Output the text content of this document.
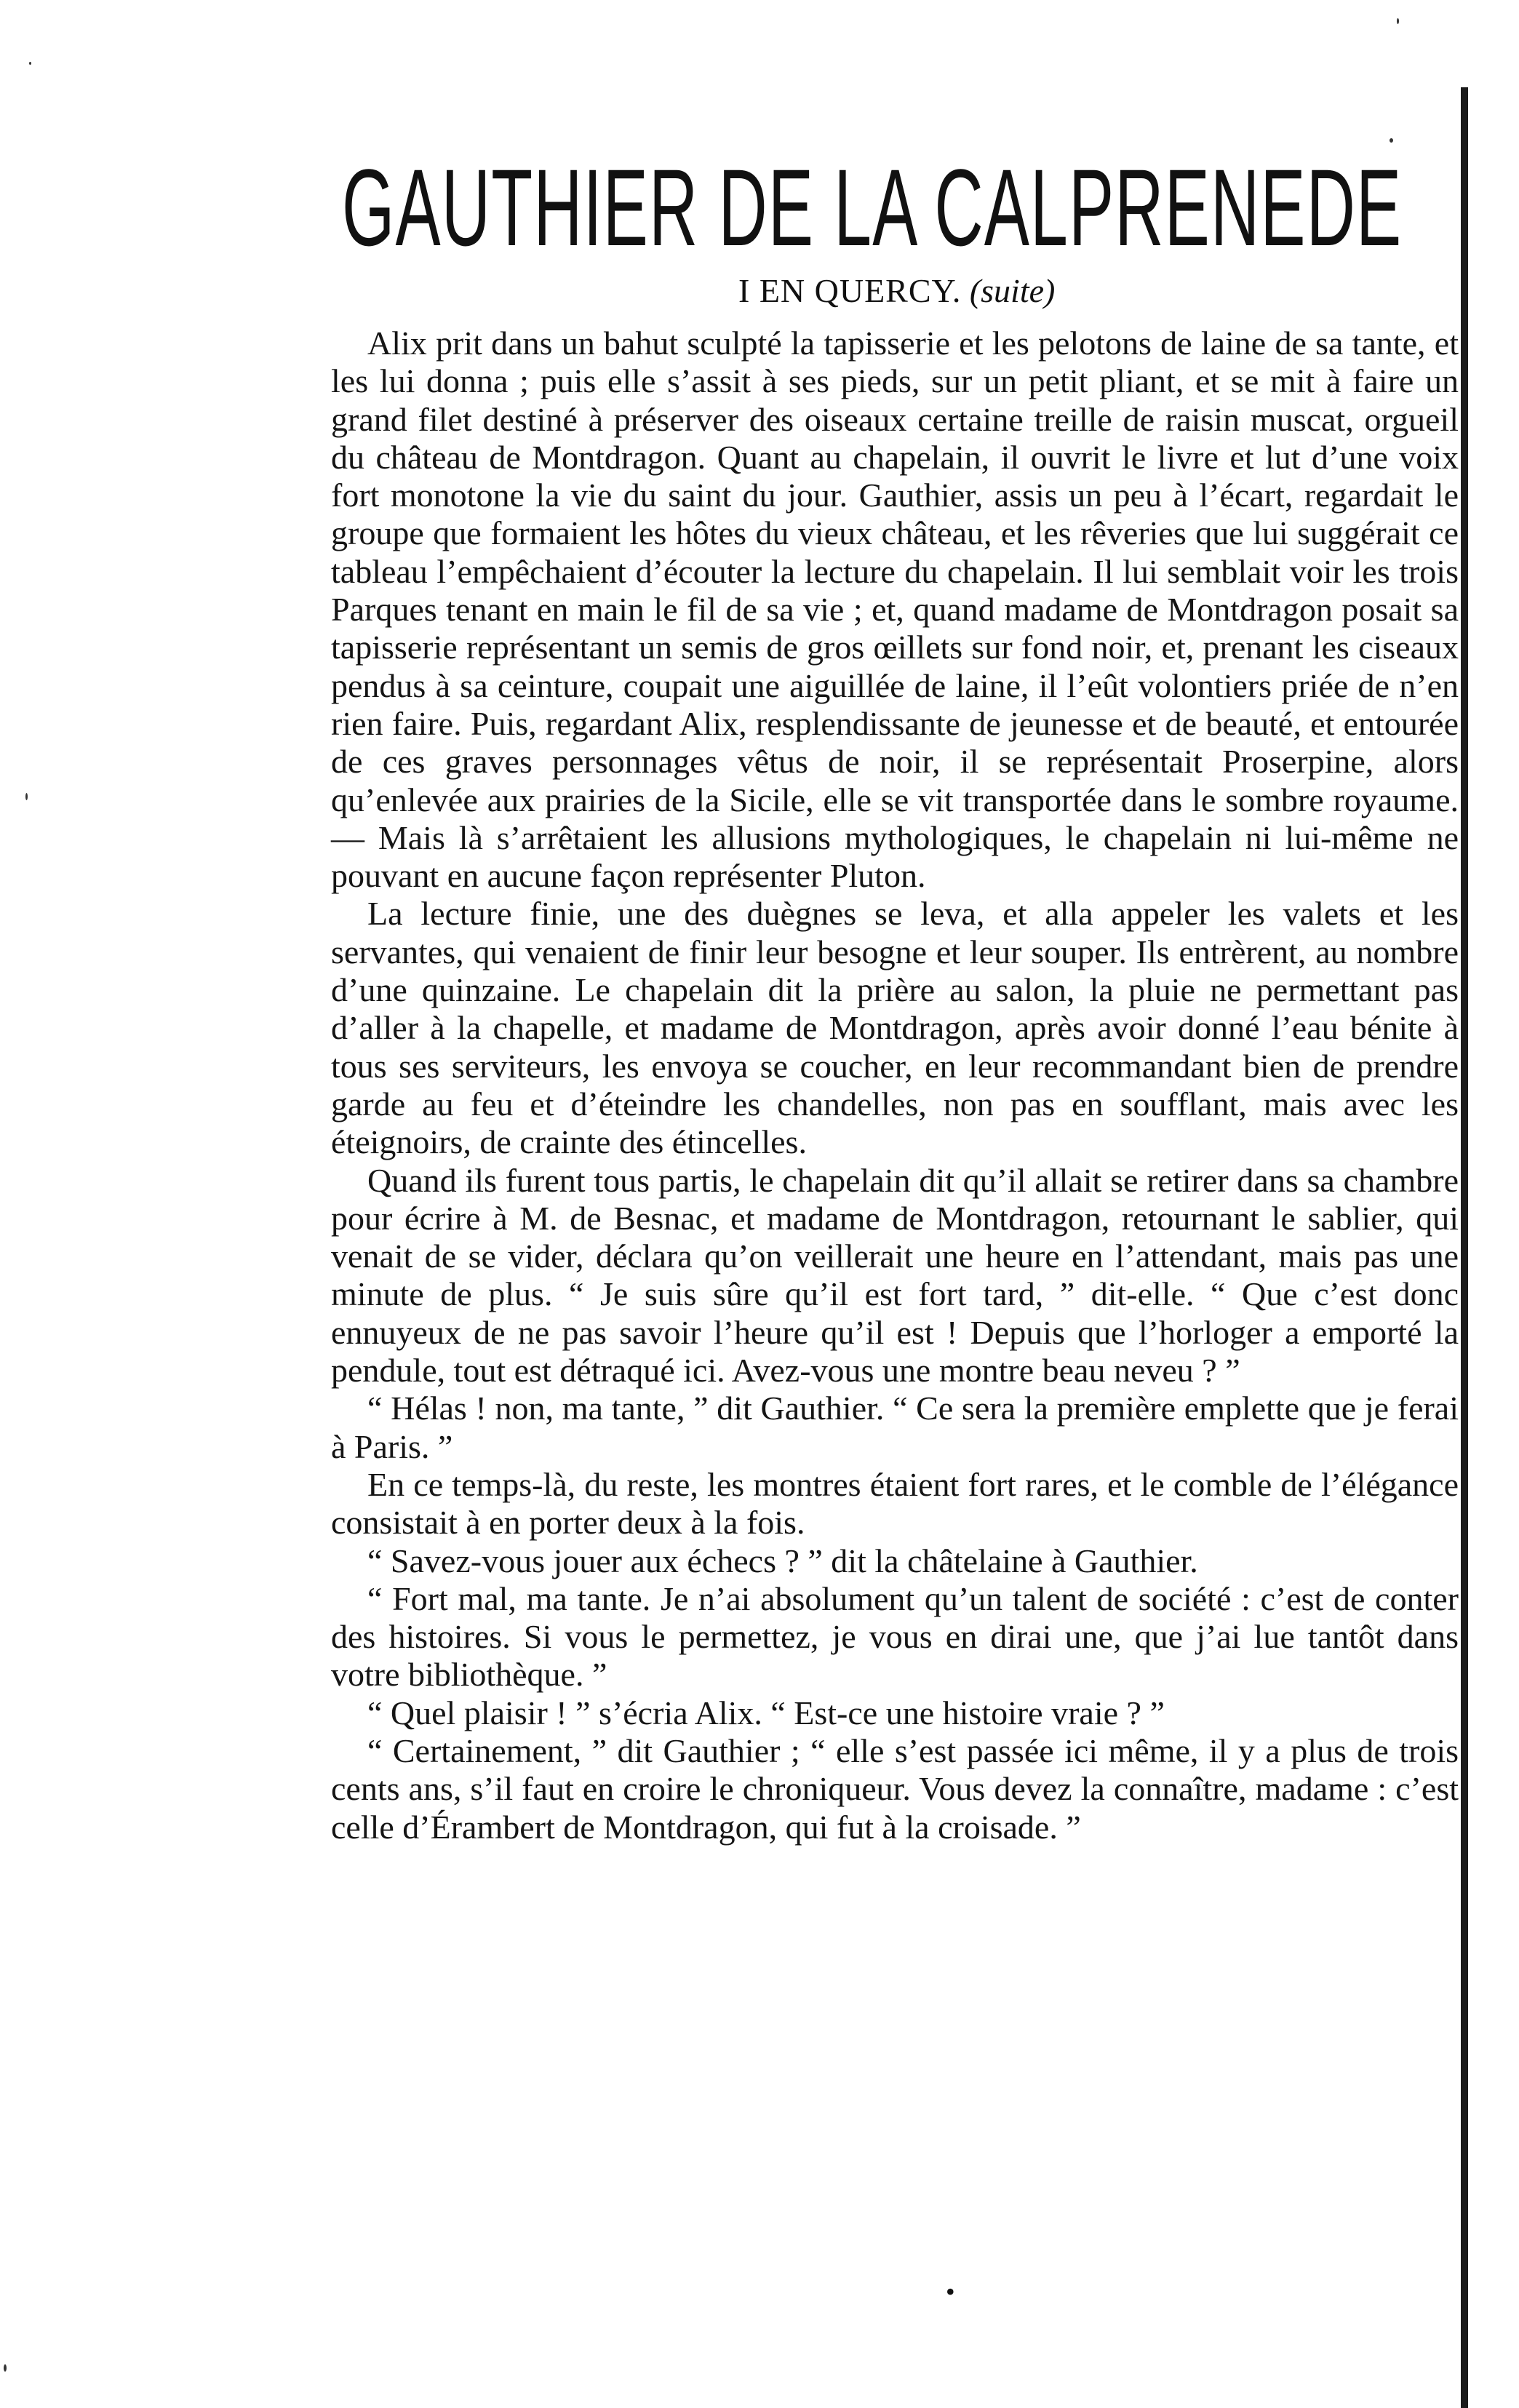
GAUTHIER DE LA CALPRENEDE
I EN QUERCY. (suite)

Alix prit dans un bahut sculpté la tapisserie et les pelotons de laine de sa tante, et les lui donna ; puis elle s’assit à ses pieds, sur un petit pliant, et se mit à faire un grand filet destiné à préserver des oiseaux certaine treille de raisin muscat, orgueil du château de Montdragon. Quant au chapelain, il ouvrit le livre et lut d’une voix fort monotone la vie du saint du jour. Gauthier, assis un peu à l’écart, regardait le groupe que formaient les hôtes du vieux château, et les rêveries que lui suggérait ce tableau l’empêchaient d’écouter la lecture du chapelain. Il lui semblait voir les trois Parques tenant en main le fil de sa vie ; et, quand madame de Montdragon posait sa tapisserie représentant un semis de gros œillets sur fond noir, et, prenant les ciseaux pendus à sa ceinture, coupait une aiguillée de laine, il l’eût volontiers priée de n’en rien faire. Puis, regardant Alix, resplendissante de jeunesse et de beauté, et entourée de ces graves personnages vêtus de noir, il se représentait Proserpine, alors qu’enlevée aux prairies de la Sicile, elle se vit transportée dans le sombre royaume. — Mais là s’arrêtaient les allusions mythologiques, le chapelain ni lui-même ne pouvant en aucune façon représenter Pluton.

La lecture finie, une des duègnes se leva, et alla appeler les valets et les servantes, qui venaient de finir leur besogne et leur souper. Ils entrèrent, au nombre d’une quinzaine. Le chapelain dit la prière au salon, la pluie ne permettant pas d’aller à la chapelle, et madame de Montdragon, après avoir donné l’eau bénite à tous ses serviteurs, les envoya se coucher, en leur recommandant bien de prendre garde au feu et d’éteindre les chandelles, non pas en soufflant, mais avec les éteignoirs, de crainte des étincelles.

Quand ils furent tous partis, le chapelain dit qu’il allait se retirer dans sa chambre pour écrire à M. de Besnac, et madame de Montdragon, retournant le sablier, qui venait de se vider, déclara qu’on veillerait une heure en l’attendant, mais pas une minute de plus. “ Je suis sûre qu’il est fort tard, ” dit-elle. “ Que c’est donc ennuyeux de ne pas savoir l’heure qu’il est ! Depuis que l’horloger a emporté la pendule, tout est détraqué ici. Avez-vous une montre beau neveu ? ”

“ Hélas ! non, ma tante, ” dit Gauthier. “ Ce sera la première emplette que je ferai à Paris. ”

En ce temps-là, du reste, les montres étaient fort rares, et le comble de l’élégance consistait à en porter deux à la fois.

“ Savez-vous jouer aux échecs ? ” dit la châtelaine à Gauthier.

“ Fort mal, ma tante. Je n’ai absolument qu’un talent de société : c’est de conter des histoires. Si vous le permettez, je vous en dirai une, que j’ai lue tantôt dans votre bibliothèque. ”

“ Quel plaisir ! ” s’écria Alix. “ Est-ce une histoire vraie ? ”

“ Certainement, ” dit Gauthier ; “ elle s’est passée ici même, il y a plus de trois cents ans, s’il faut en croire le chroniqueur. Vous devez la connaître, madame : c’est celle d’Érambert de Montdragon, qui fut à la croisade. ”

•
